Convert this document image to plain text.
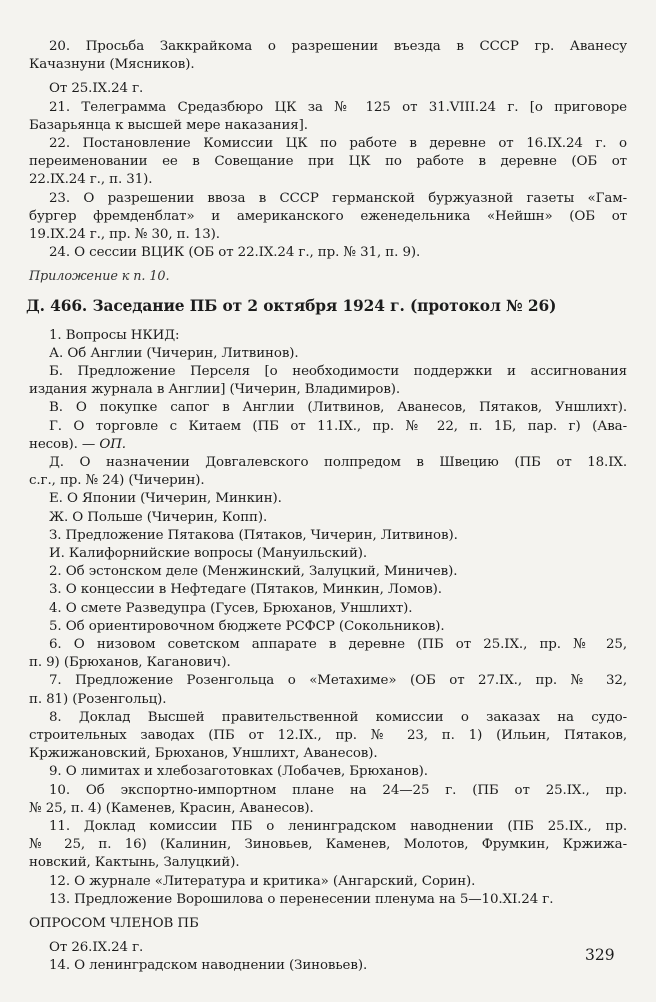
20. Просьба Заккрайкома о разрешении въезда в СССР гр. Аванесу
Качазнуни (Мясников).
От 25.IX.24 г.
21. Телеграмма Средазбюро ЦК за № 125 от 31.VIII.24 г. [о приговоре
Базарьянца к высшей мере наказания].
22. Постановление Комиссии ЦК по работе в деревне от 16.IX.24 г. о
переименовании ее в Совещание при ЦК по работе в деревне (ОБ от
22.IX.24 г., п. 31).
23. О разрешении ввоза в СССР германской буржуазной газеты «Гам-
бургер фремденблат» и американского еженедельника «Нейшн» (ОБ от
19.IX.24 г., пр. № 30, п. 13).
24. О сессии ВЦИК (ОБ от 22.IX.24 г., пр. № 31, п. 9).
Приложение к п. 10.
Д. 466. Заседание ПБ от 2 октября 1924 г. (протокол № 26)
1. Вопросы НКИД:
А. Об Англии (Чичерин, Литвинов).
Б. Предложение Перселя [о необходимости поддержки и ассигнования
издания журнала в Англии] (Чичерин, Владимиров).
В. О покупке сапог в Англии (Литвинов, Аванесов, Пятаков, Уншлихт).
Г. О торговле с Китаем (ПБ от 11.IX., пр. № 22, п. 1Б, пар. г) (Ава-
несов). — ОП.
Д. О назначении Довгалевского полпредом в Швецию (ПБ от 18.IX.
с.г., пр. № 24) (Чичерин).
Е. О Японии (Чичерин, Минкин).
Ж. О Польше (Чичерин, Копп).
З. Предложение Пятакова (Пятаков, Чичерин, Литвинов).
И. Калифорнийские вопросы (Мануильский).
2. Об эстонском деле (Менжинский, Залуцкий, Миничев).
3. О концессии в Нефтедаге (Пятаков, Минкин, Ломов).
4. О смете Разведупра (Гусев, Брюханов, Уншлихт).
5. Об ориентировочном бюджете РСФСР (Сокольников).
6. О низовом советском аппарате в деревне (ПБ от 25.IX., пр. № 25,
п. 9) (Брюханов, Каганович).
7. Предложение Розенгольца о «Метахиме» (ОБ от 27.IX., пр. № 32,
п. 81) (Розенгольц).
8. Доклад Высшей правительственной комиссии о заказах на судо-
строительных заводах (ПБ от 12.IX., пр. № 23, п. 1) (Ильин, Пятаков,
Кржижановский, Брюханов, Уншлихт, Аванесов).
9. О лимитах и хлебозаготовках (Лобачев, Брюханов).
10. Об экспортно-импортном плане на 24—25 г. (ПБ от 25.IX., пр.
№ 25, п. 4) (Каменев, Красин, Аванесов).
11. Доклад комиссии ПБ о ленинградском наводнении (ПБ 25.IX., пр.
№ 25, п. 16) (Калинин, Зиновьев, Каменев, Молотов, Фрумкин, Кржижа-
новский, Кактынь, Залуцкий).
12. О журнале «Литература и критика» (Ангарский, Сорин).
13. Предложение Ворошилова о перенесении пленума на 5—10.XI.24 г.
ОПРОСОМ ЧЛЕНОВ ПБ
От 26.IX.24 г.
14. О ленинградском наводнении (Зиновьев).
329
